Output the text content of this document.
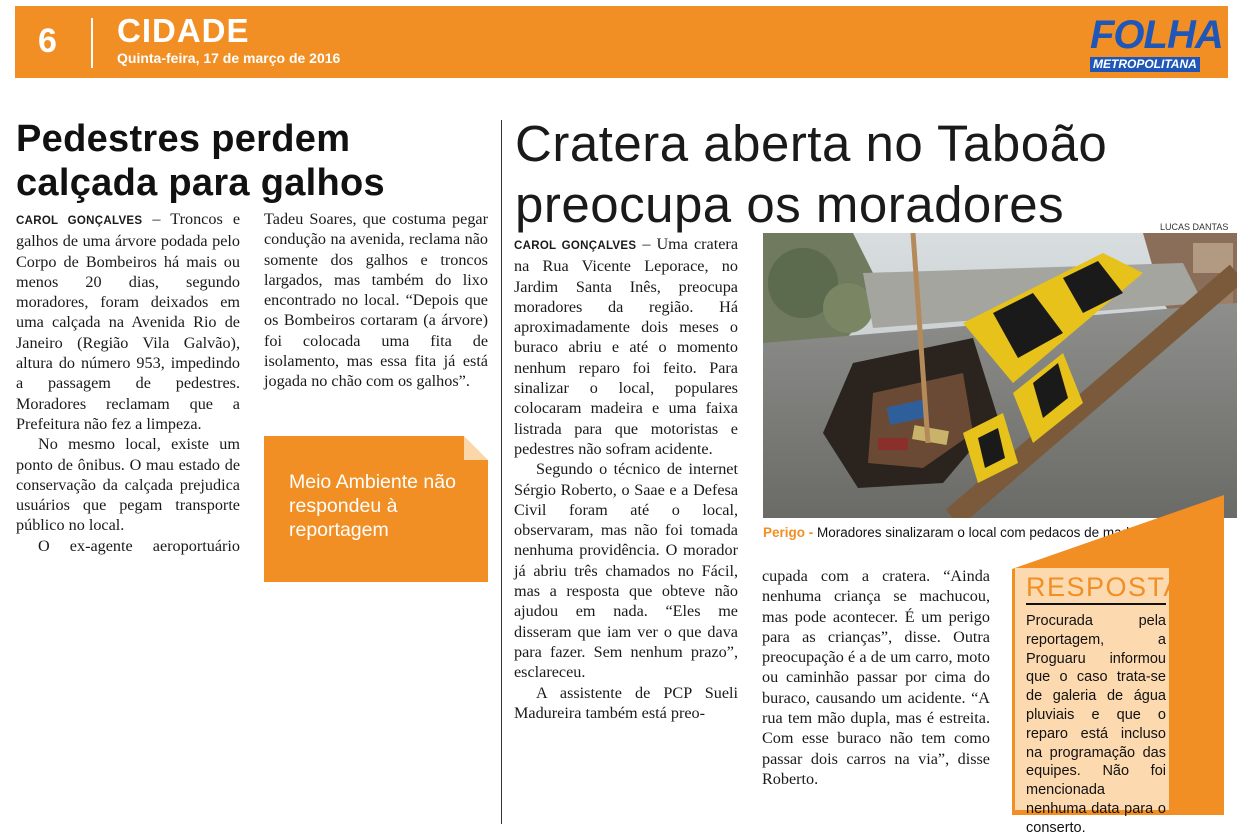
6 CIDADE
Quinta-feira, 17 de março de 2016
FOLHA
METROPOLITANA
Pedestres perdem calçada para galhos

CAROL GONÇALVES – Troncos e galhos de uma árvore podada pelo Corpo de Bombeiros há mais ou menos 20 dias, segundo moradores, foram deixados em uma calçada na Avenida Rio de Janeiro (Região Vila Galvão), altura do número 953, impedindo a passagem de pedestres. Moradores reclamam que a Prefeitura não fez a limpeza.

No mesmo local, existe um ponto de ônibus. O mau estado de conservação da calçada prejudica usuários que pegam transporte público no local.

O ex-agente aeroportuário

Tadeu Soares, que costuma pegar condução na avenida, reclama não somente dos galhos e troncos largados, mas também do lixo encontrado no local. “Depois que os Bombeiros cortaram (a árvore) foi colocada uma fita de isolamento, mas essa fita já está jogada no chão com os galhos”.

Meio Ambiente não respondeu à reportagem
Cratera aberta no Taboão preocupa os moradores	LUCAS DANTAS

CAROL GONÇALVES – Uma cratera na Rua Vicente Leporace, no Jardim Santa Inês, preocupa moradores da região. Há aproximadamente dois meses o buraco abriu e até o momento nenhum reparo foi feito. Para sinalizar o local, populares colocaram madeira e uma faixa listrada para que motoristas e pedestres não sofram acidente.

Segundo o técnico de internet Sérgio Roberto, o Saae e a Defesa Civil foram até o local, observaram, mas não foi tomada nenhuma providência. O morador já abriu três chamados no Fácil, mas a resposta que obteve não ajudou em nada. “Eles me disseram que iam ver o que dava para fazer. Sem nenhum prazo”, esclareceu.

A assistente de PCP Sueli Madureira também está preo-

Perigo - Moradores sinalizaram o local com pedacos de madeira

cupada com a cratera. “Ainda nenhuma criança se machucou, mas pode acontecer. É um perigo para as crianças”, disse. Outra preocupação é a de um carro, moto ou caminhão passar por cima do buraco, causando um acidente. “A rua tem mão dupla, mas é estreita. Com esse buraco não tem como passar dois carros na via”, disse Roberto.

RESPOSTA
Procurada pela reportagem, a Proguaru informou que o caso trata-se de galeria de água pluviais e que o reparo está incluso na programação das equipes. Não foi mencionada nenhuma data para o conserto.
